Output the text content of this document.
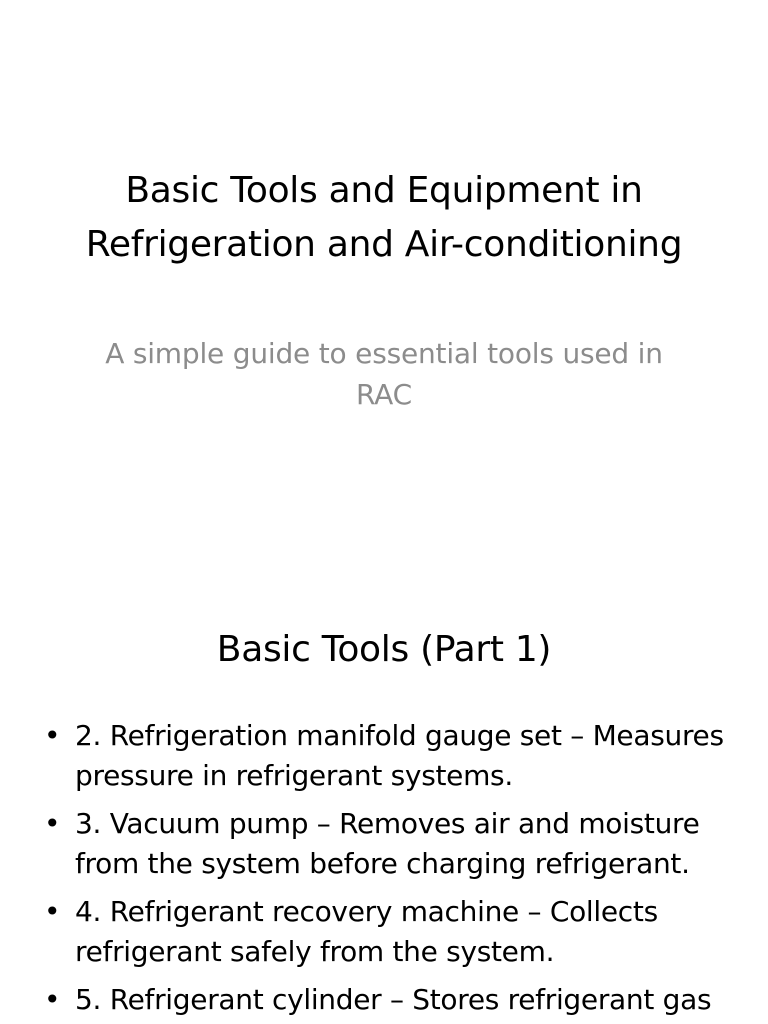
Basic Tools and Equipment in Refrigeration and Air-conditioning
A simple guide to essential tools used in RAC
Basic Tools (Part 1)
• 2. Refrigeration manifold gauge set – Measures pressure in refrigerant systems.
• 3. Vacuum pump – Removes air and moisture from the system before charging refrigerant.
• 4. Refrigerant recovery machine – Collects refrigerant safely from the system.
• 5. Refrigerant cylinder – Stores refrigerant gas
